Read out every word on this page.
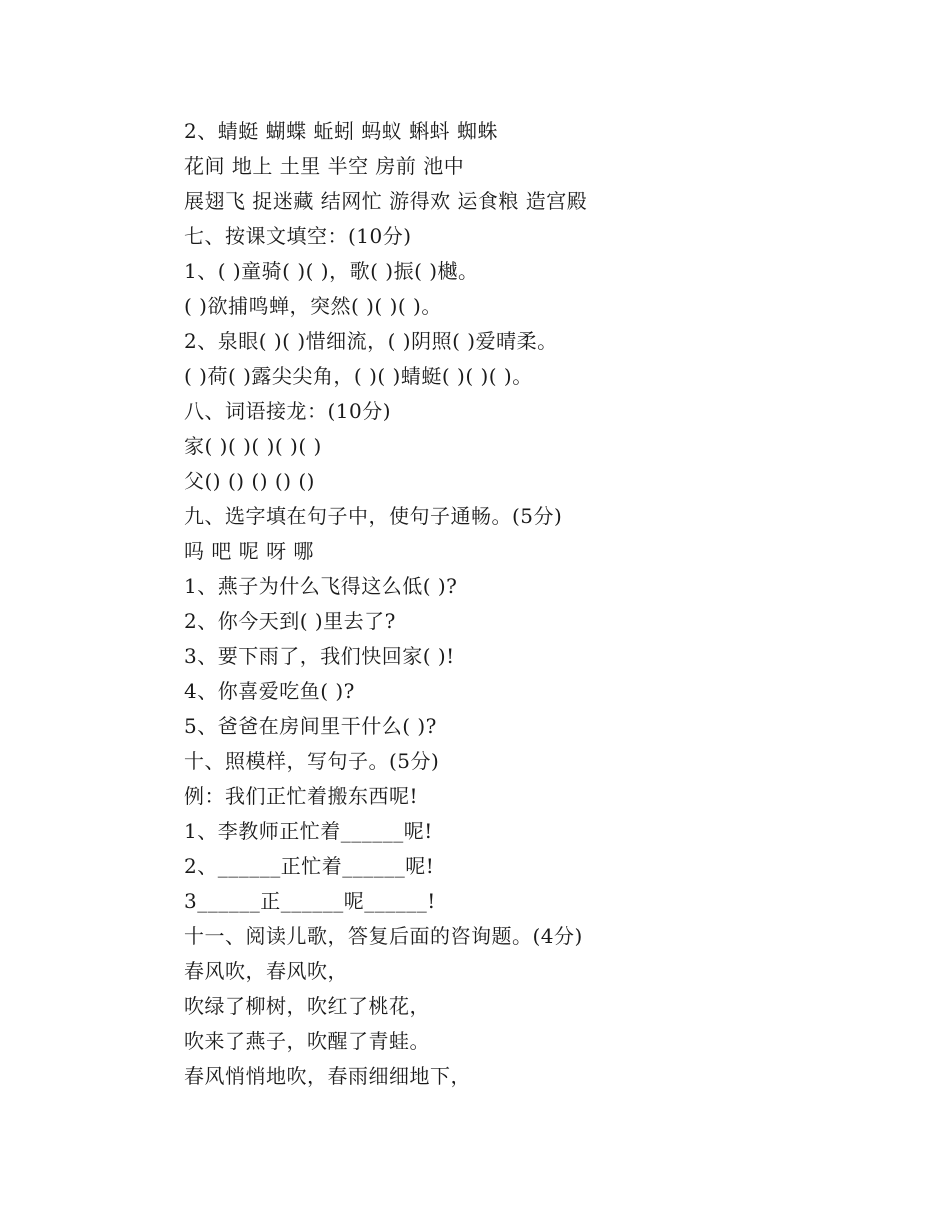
2、蜻蜓 蝴蝶 蚯蚓 蚂蚁 蝌蚪 蜘蛛
花间 地上 土里 半空 房前 池中
展翅飞 捉迷藏 结网忙 游得欢 运食粮 造宫殿
七、按课文填空：(10分)
1、( )童骑( )( )，歌( )振( )樾。
( )欲捕鸣蝉，突然( )( )( )。
2、泉眼( )( )惜细流，( )阴照( )爱晴柔。
( )荷( )露尖尖角，( )( )蜻蜓( )( )( )。
八、词语接龙：(10分)
家( )( )( )( )( )
父() () () () ()
九、选字填在句子中，使句子通畅。(5分)
吗 吧 呢 呀 哪
1、燕子为什么飞得这么低( )?
2、你今天到( )里去了?
3、要下雨了，我们快回家( )!
4、你喜爱吃鱼( )?
5、爸爸在房间里干什么( )?
十、照模样，写句子。(5分)
例：我们正忙着搬东西呢!
1、李教师正忙着______呢!
2、______正忙着______呢!
3______正______呢______!
十一、阅读儿歌，答复后面的咨询题。(4分)
春风吹，春风吹，
吹绿了柳树，吹红了桃花，
吹来了燕子，吹醒了青蛙。
春风悄悄地吹，春雨细细地下，
